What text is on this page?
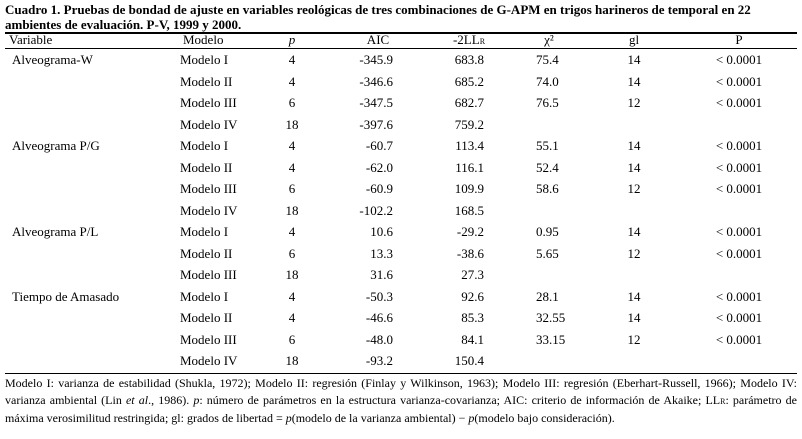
Cuadro 1. Pruebas de bondad de ajuste en variables reológicas de tres combinaciones de G-APM en trigos harineros de temporal en 22 ambientes de evaluación. P-V, 1999 y 2000.
Variable	Modelo	p	AIC	-2LLR	χ²	gl	P
Alveograma-W	Modelo I	4	-345.9	683.8	75.4	14	< 0.0001
Modelo II	4	-346.6	685.2	74.0	14	< 0.0001
Modelo III	6	-347.5	682.7	76.5	12	< 0.0001
Modelo IV	18	-397.6	759.2
Alveograma P/G	Modelo I	4	-60.7	113.4	55.1	14	< 0.0001
Modelo II	4	-62.0	116.1	52.4	14	< 0.0001
Modelo III	6	-60.9	109.9	58.6	12	< 0.0001
Modelo IV	18	-102.2	168.5
Alveograma P/L	Modelo I	4	10.6	-29.2	0.95	14	< 0.0001
Modelo II	6	13.3	-38.6	5.65	12	< 0.0001
Modelo III	18	31.6	27.3
Tiempo de Amasado	Modelo I	4	-50.3	92.6	28.1	14	< 0.0001
Modelo II	4	-46.6	85.3	32.55	14	< 0.0001
Modelo III	6	-48.0	84.1	33.15	12	< 0.0001
Modelo IV	18	-93.2	150.4
Modelo I: varianza de estabilidad (Shukla, 1972); Modelo II: regresión (Finlay y Wilkinson, 1963); Modelo III: regresión (Eberhart-Russell, 1966); Modelo IV: varianza ambiental (Lin et al., 1986). p: número de parámetros en la estructura varianza-covarianza; AIC: criterio de información de Akaike; LLR: parámetro de máxima verosimilitud restringida; gl: grados de libertad = p(modelo de la varianza ambiental) − p(modelo bajo consideración).
